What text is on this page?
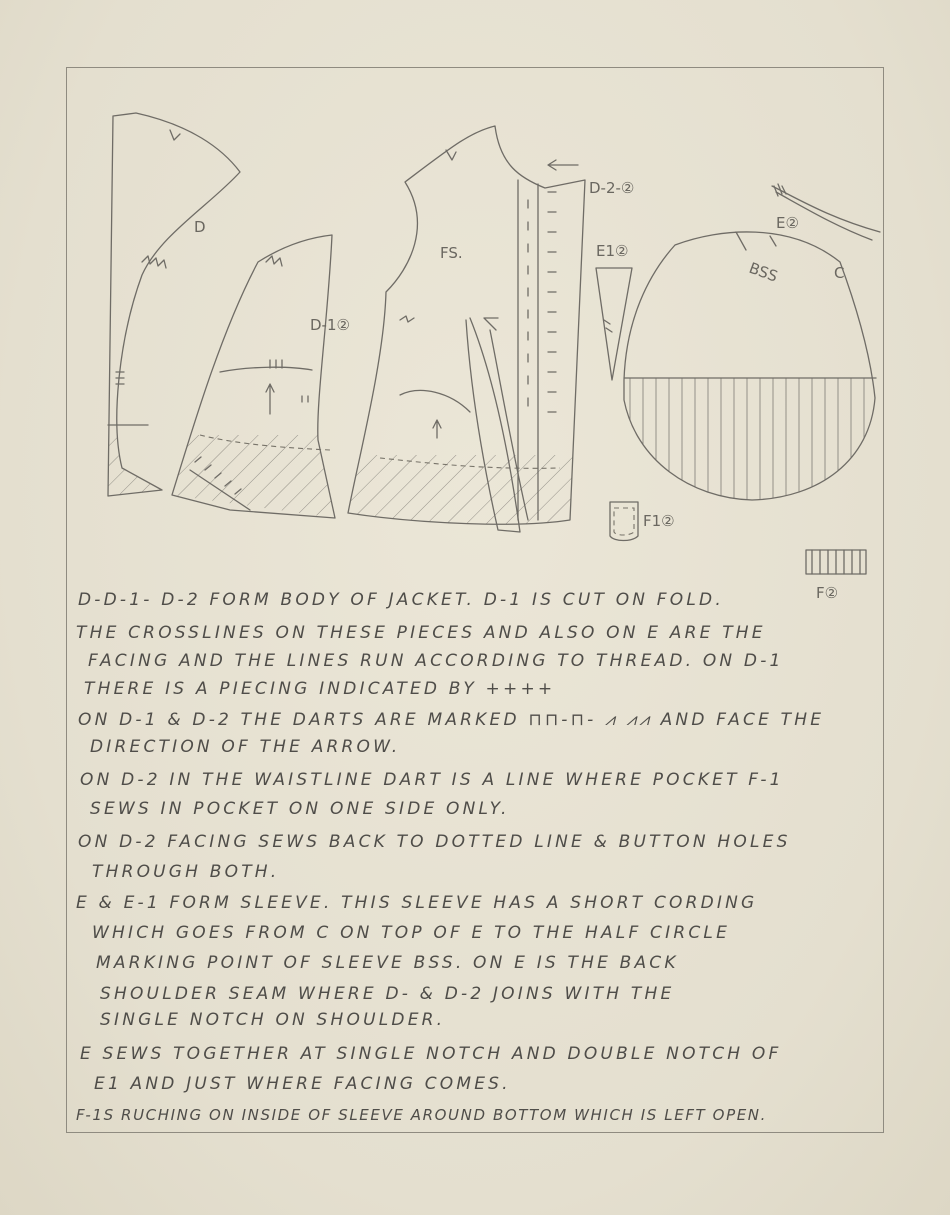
D
D-1②
FS.
D-2-②
E1②
E②
BSS	C
F1②
F②
D-D-1- D-2 FORM BODY OF JACKET. D-1 IS CUT ON FOLD.
THE CROSSLINES ON THESE PIECES AND ALSO ON E ARE THE
FACING AND THE LINES RUN ACCORDING TO THREAD. ON D-1
THERE IS A PIECING INDICATED BY ++++
ON D-1 & D-2 THE DARTS ARE MARKED ⊓⊓-⊓- ⩘ ⩘⩘ AND FACE THE
DIRECTION OF THE ARROW.
ON D-2 IN THE WAISTLINE DART IS A LINE WHERE POCKET F-1
SEWS IN POCKET ON ONE SIDE ONLY.
ON D-2 FACING SEWS BACK TO DOTTED LINE & BUTTON HOLES
THROUGH BOTH.
E & E-1 FORM SLEEVE. THIS SLEEVE HAS A SHORT CORDING
WHICH GOES FROM C ON TOP OF E TO THE HALF CIRCLE
MARKING POINT OF SLEEVE BSS. ON E IS THE BACK
SHOULDER SEAM WHERE D- & D-2 JOINS WITH THE
SINGLE NOTCH ON SHOULDER.
E SEWS TOGETHER AT SINGLE NOTCH AND DOUBLE NOTCH OF
E1 AND JUST WHERE FACING COMES.
F-1S RUCHING ON INSIDE OF SLEEVE AROUND BOTTOM WHICH IS LEFT OPEN.
